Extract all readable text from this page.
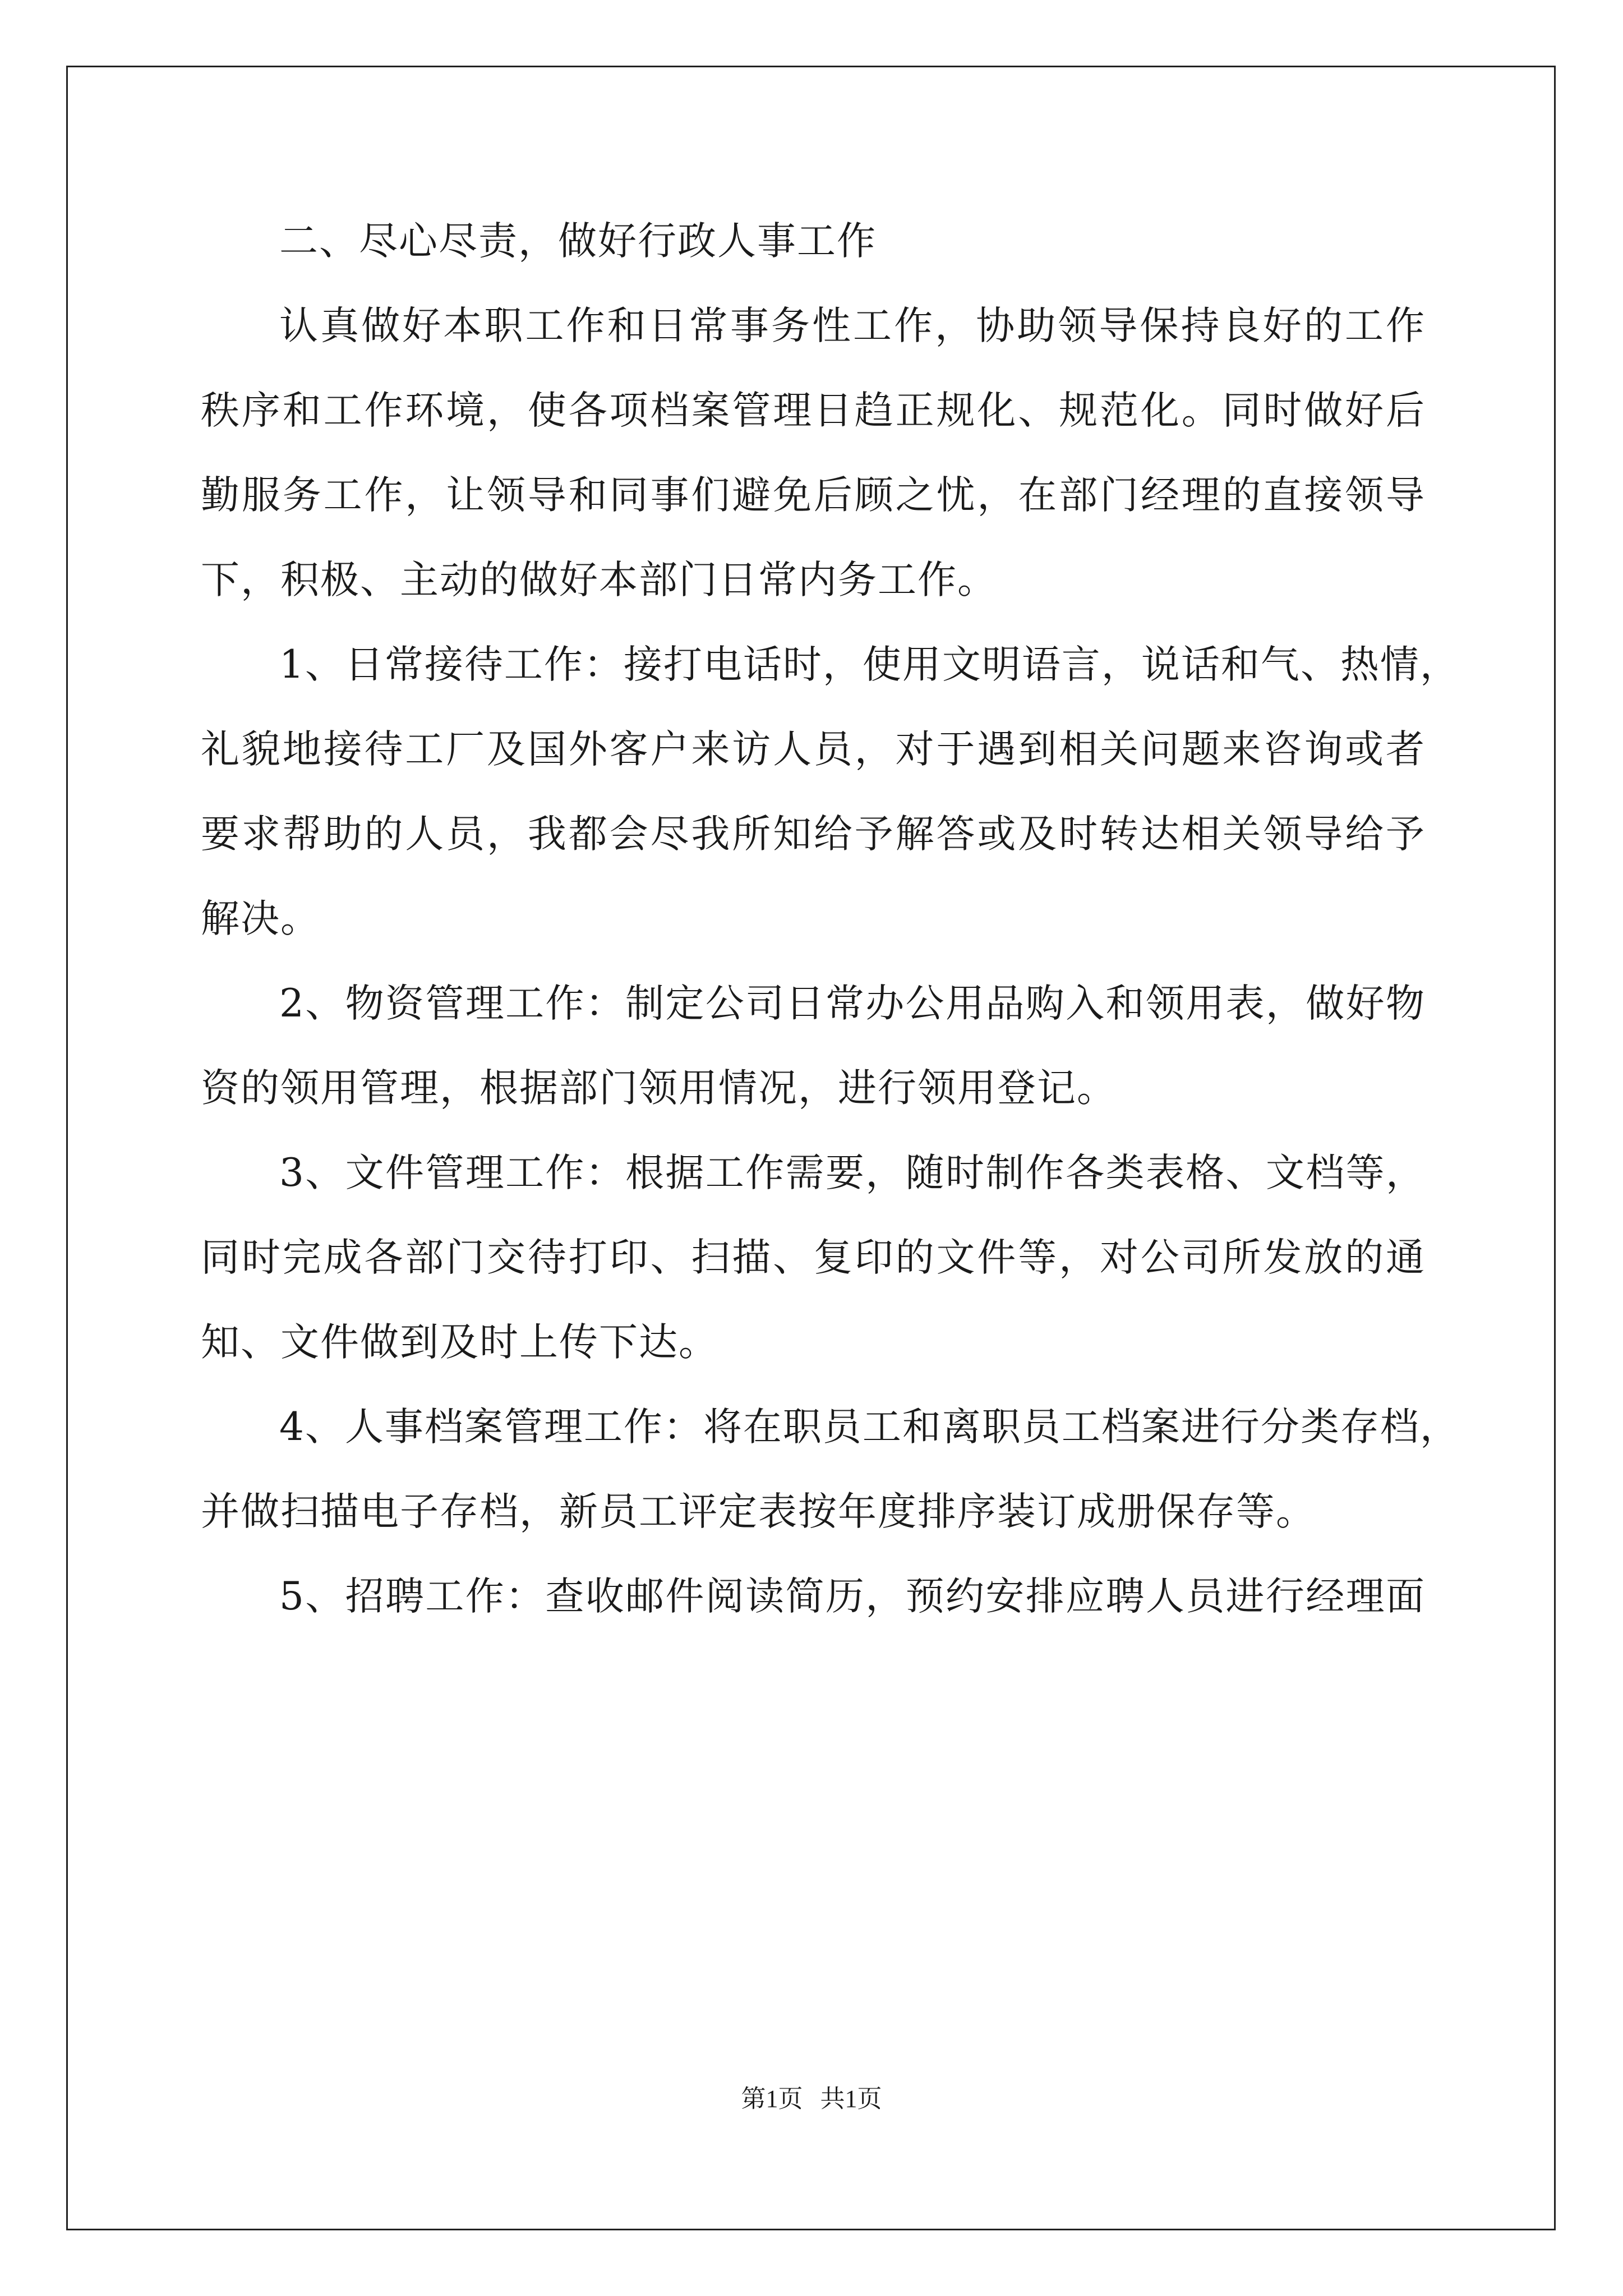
二、尽心尽责，做好行政人事工作
认真做好本职工作和日常事务性工作，协助领导保持良好的工作
秩序和工作环境，使各项档案管理日趋正规化、规范化。同时做好后
勤服务工作，让领导和同事们避免后顾之忧，在部门经理的直接领导
下，积极、主动的做好本部门日常内务工作。
1、日常接待工作：接打电话时，使用文明语言，说话和气、热情，
礼貌地接待工厂及国外客户来访人员，对于遇到相关问题来咨询或者
要求帮助的人员，我都会尽我所知给予解答或及时转达相关领导给予
解决。
2、物资管理工作：制定公司日常办公用品购入和领用表，做好物
资的领用管理，根据部门领用情况，进行领用登记。
3、文件管理工作：根据工作需要，随时制作各类表格、文档等，
同时完成各部门交待打印、扫描、复印的文件等，对公司所发放的通
知、文件做到及时上传下达。
4、人事档案管理工作：将在职员工和离职员工档案进行分类存档，
并做扫描电子存档，新员工评定表按年度排序装订成册保存等。
5、招聘工作：查收邮件阅读简历，预约安排应聘人员进行经理面
第1页 共1页
